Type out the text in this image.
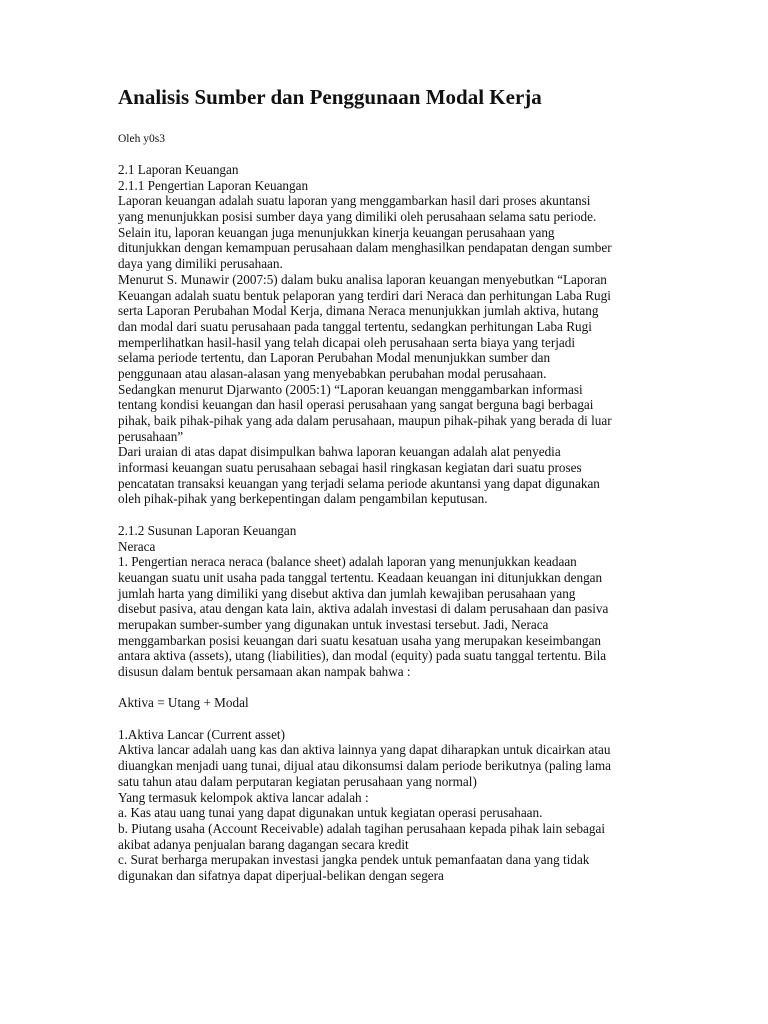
Analisis Sumber dan Penggunaan Modal Kerja
Oleh y0s3
2.1 Laporan Keuangan
2.1.1 Pengertian Laporan Keuangan
Laporan keuangan adalah suatu laporan yang menggambarkan hasil dari proses akuntansi
yang menunjukkan posisi sumber daya yang dimiliki oleh perusahaan selama satu periode.
Selain itu, laporan keuangan juga menunjukkan kinerja keuangan perusahaan yang
ditunjukkan dengan kemampuan perusahaan dalam menghasilkan pendapatan dengan sumber
daya yang dimiliki perusahaan.
Menurut S. Munawir (2007:5) dalam buku analisa laporan keuangan menyebutkan “Laporan
Keuangan adalah suatu bentuk pelaporan yang terdiri dari Neraca dan perhitungan Laba Rugi
serta Laporan Perubahan Modal Kerja, dimana Neraca menunjukkan jumlah aktiva, hutang
dan modal dari suatu perusahaan pada tanggal tertentu, sedangkan perhitungan Laba Rugi
memperlihatkan hasil-hasil yang telah dicapai oleh perusahaan serta biaya yang terjadi
selama periode tertentu, dan Laporan Perubahan Modal menunjukkan sumber dan
penggunaan atau alasan-alasan yang menyebabkan perubahan modal perusahaan.
Sedangkan menurut Djarwanto (2005:1) “Laporan keuangan menggambarkan informasi
tentang kondisi keuangan dan hasil operasi perusahaan yang sangat berguna bagi berbagai
pihak, baik pihak-pihak yang ada dalam perusahaan, maupun pihak-pihak yang berada di luar
perusahaan”
Dari uraian di atas dapat disimpulkan bahwa laporan keuangan adalah alat penyedia
informasi keuangan suatu perusahaan sebagai hasil ringkasan kegiatan dari suatu proses
pencatatan transaksi keuangan yang terjadi selama periode akuntansi yang dapat digunakan
oleh pihak-pihak yang berkepentingan dalam pengambilan keputusan.
2.1.2 Susunan Laporan Keuangan
Neraca
1. Pengertian neraca neraca (balance sheet) adalah laporan yang menunjukkan keadaan
keuangan suatu unit usaha pada tanggal tertentu. Keadaan keuangan ini ditunjukkan dengan
jumlah harta yang dimiliki yang disebut aktiva dan jumlah kewajiban perusahaan yang
disebut pasiva, atau dengan kata lain, aktiva adalah investasi di dalam perusahaan dan pasiva
merupakan sumber-sumber yang digunakan untuk investasi tersebut. Jadi, Neraca
menggambarkan posisi keuangan dari suatu kesatuan usaha yang merupakan keseimbangan
antara aktiva (assets), utang (liabilities), dan modal (equity) pada suatu tanggal tertentu. Bila
disusun dalam bentuk persamaan akan nampak bahwa :
Aktiva = Utang + Modal
1.Aktiva Lancar (Current asset)
Aktiva lancar adalah uang kas dan aktiva lainnya yang dapat diharapkan untuk dicairkan atau
diuangkan menjadi uang tunai, dijual atau dikonsumsi dalam periode berikutnya (paling lama
satu tahun atau dalam perputaran kegiatan perusahaan yang normal)
Yang termasuk kelompok aktiva lancar adalah :
a. Kas atau uang tunai yang dapat digunakan untuk kegiatan operasi perusahaan.
b. Piutang usaha (Account Receivable) adalah tagihan perusahaan kepada pihak lain sebagai
akibat adanya penjualan barang dagangan secara kredit
c. Surat berharga merupakan investasi jangka pendek untuk pemanfaatan dana yang tidak
digunakan dan sifatnya dapat diperjual-belikan dengan segera
